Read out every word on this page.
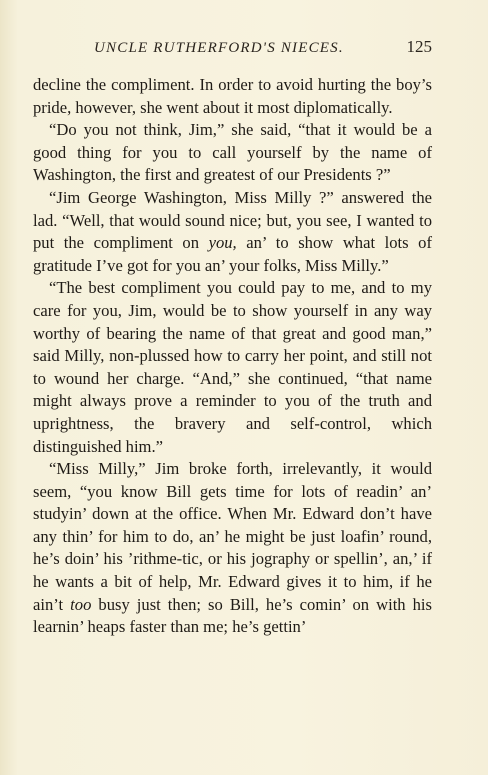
UNCLE RUTHERFORD'S NIECES.	125

decline the compliment. In order to avoid hurting the boy’s pride, however, she went about it most diplomatically.

“Do you not think, Jim,” she said, “that it would be a good thing for you to call yourself by the name of Washington, the first and greatest of our Presidents ?”

“Jim George Washington, Miss Milly ?” answered the lad. “Well, that would sound nice; but, you see, I wanted to put the compliment on you, an’ to show what lots of gratitude I’ve got for you an’ your folks, Miss Milly.”

“The best compliment you could pay to me, and to my care for you, Jim, would be to show yourself in any way worthy of bearing the name of that great and good man,” said Milly, non-plussed how to carry her point, and still not to wound her charge. “And,” she continued, “that name might always prove a reminder to you of the truth and uprightness, the bravery and self-control, which distinguished him.”

“Miss Milly,” Jim broke forth, irrelevantly, it would seem, “you know Bill gets time for lots of readin’ an’ studyin’ down at the office. When Mr. Edward don’t have any thin’ for him to do, an’ he might be just loafin’ round, he’s doin’ his ’rithme-tic, or his jography or spellin’, an,’ if he wants a bit of help, Mr. Edward gives it to him, if he ain’t too busy just then; so Bill, he’s comin’ on with his learnin’ heaps faster than me; he’s gettin’
